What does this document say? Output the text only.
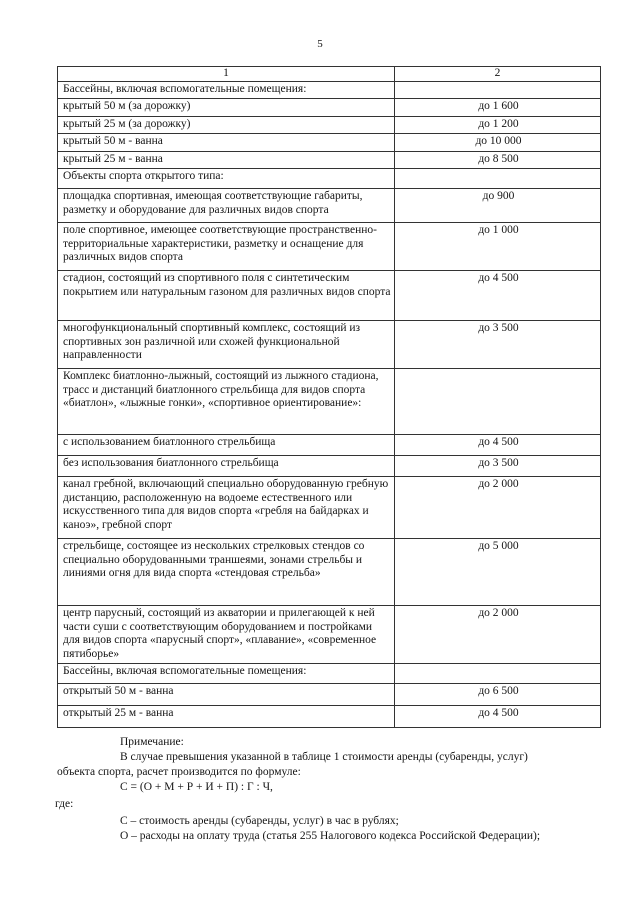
5
1	2
Бассейны, включая вспомогательные помещения:	
крытый 50 м (за дорожку)	до 1 600
крытый 25 м (за дорожку)	до 1 200
крытый 50 м - ванна	до 10 000
крытый 25 м - ванна	до 8 500
Объекты спорта открытого типа:	
площадка спортивная, имеющая соответствующие габариты, разметку и оборудование для различных видов спорта	до 900
поле спортивное, имеющее соответствующие пространственно-территориальные характеристики, разметку и оснащение для различных видов спорта	до 1 000
стадион, состоящий из спортивного поля с синтетическим покрытием или натуральным газоном для различных видов спорта	до 4 500
многофункциональный спортивный комплекс, состоящий из спортивных зон различной или схожей функциональной направленности	до 3 500
Комплекс биатлонно-лыжный, состоящий из лыжного стадиона, трасс и дистанций биатлонного стрельбища для видов спорта «биатлон», «лыжные гонки», «спортивное ориентирование»:	
с использованием биатлонного стрельбища	до 4 500
без использования биатлонного стрельбища	до 3 500
канал гребной, включающий специально оборудованную гребную дистанцию, расположенную на водоеме естественного или искусственного типа для видов спорта «гребля на байдарках и каноэ», гребной спорт	до 2 000
стрельбище, состоящее из нескольких стрелковых стендов со специально оборудованными траншеями, зонами стрельбы и линиями огня для вида спорта «стендовая стрельба»	до 5 000
центр парусный, состоящий из акватории и прилегающей к ней части суши с соответствующим оборудованием и постройками для видов спорта «парусный спорт», «плавание», «современное пятиборье»	до 2 000
Бассейны, включая вспомогательные помещения:	
открытый 50 м - ванна	до 6 500
открытый 25 м - ванна	до 4 500
Примечание:
В случае превышения указанной в таблице 1 стоимости аренды (субаренды, услуг)
объекта спорта, расчет производится по формуле:
С = (О + М + Р + И + П) : Г : Ч,
где:
С – стоимость аренды (субаренды, услуг) в час в рублях;
О – расходы на оплату труда (статья 255 Налогового кодекса Российской Федерации);
